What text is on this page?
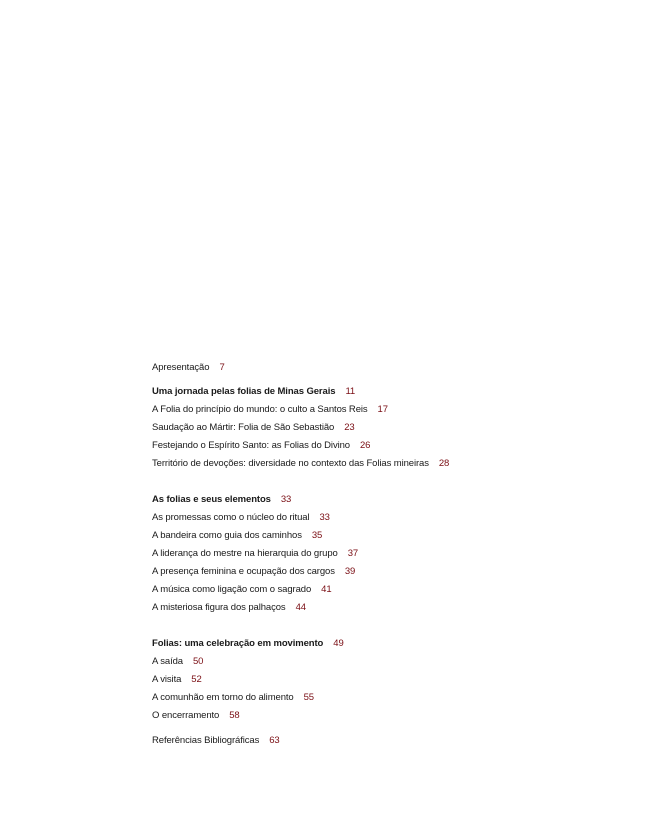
Apresentação 7
Uma jornada pelas folias de Minas Gerais 11
A Folia do princípio do mundo: o culto a Santos Reis 17
Saudação ao Mártir: Folia de São Sebastião 23
Festejando o Espírito Santo: as Folias do Divino 26
Território de devoções: diversidade no contexto das Folias mineiras 28
As folias e seus elementos 33
As promessas como o núcleo do ritual 33
A bandeira como guia dos caminhos 35
A liderança do mestre na hierarquia do grupo 37
A presença feminina e ocupação dos cargos 39
A música como ligação com o sagrado 41
A misteriosa figura dos palhaços 44
Folias: uma celebração em movimento 49
A saída 50
A visita 52
A comunhão em torno do alimento 55
O encerramento 58
Referências Bibliográficas 63
